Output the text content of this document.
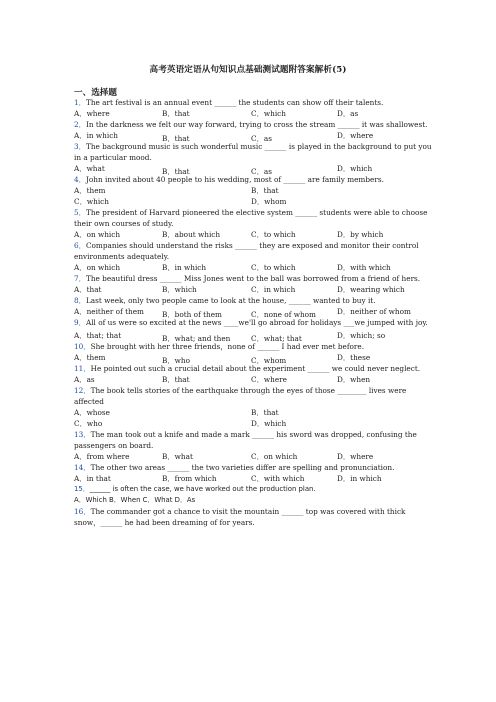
高考英语定语从句知识点基础测试题附答案解析(5)
一、选择题
1．The art festival is an annual event ______ the students can show off their talents.
A．where	B．that	C．which	D．as
2．In the darkness we felt our way forward, trying to cross the stream ______ it was shallowest.
A．in which	B．that	C．as	D．where
3．The background music is such wonderful music ______ is played in the background to put you in a particular mood.
A．what	B．that	C．as	D．which
4．John invited about 40 people to his wedding, most of ______ are family members.
A．them	B．that
C．which	D．whom
5．The president of Harvard pioneered the elective system ______ students were able to choose their own courses of study.
A．on which	B．about which	C．to which	D．by which
6．Companies should understand the risks ______ they are exposed and monitor their control environments adequately.
A．on which	B．in which	C．to which	D．with which
7．The beautiful dress ______ Miss Jones went to the ball was borrowed from a friend of hers.
A．that	B．which	C．in which	D．wearing which
8．Last week, only two people came to look at the house, ______ wanted to buy it.
A．neither of them B．both of them	C．none of whom	D．neither of whom
9．All of us were so excited at the news ____we'll go abroad for holidays ___we jumped with joy.
A．that; that	B．what; and then	C．what; that	D．which; so
10．She brought with her three friends，none of ______ I had ever met before.
A．them	B．who	C．whom	D．these
11．He pointed out such a crucial detail about the experiment ______ we could never neglect.
A．as	B．that	C．where	D．when
12．The book tells stories of the earthquake through the eyes of those ________ lives were affected
A．whose	B．that
C．who	D．which
13．The man took out a knife and made a mark ______ his sword was dropped, confusing the passengers on board.
A．from where	B．what	C．on which	D．where
14．The other two areas ______ the two varieties differ are spelling and pronunciation.
A．in that	B．from which	C．with which	D．in which
15．______ is often the case, we have worked out the production plan.
A．Which B．When C．What D．As
16．The commander got a chance to visit the mountain ______ top was covered with thick snow，______ he had been dreaming of for years.
